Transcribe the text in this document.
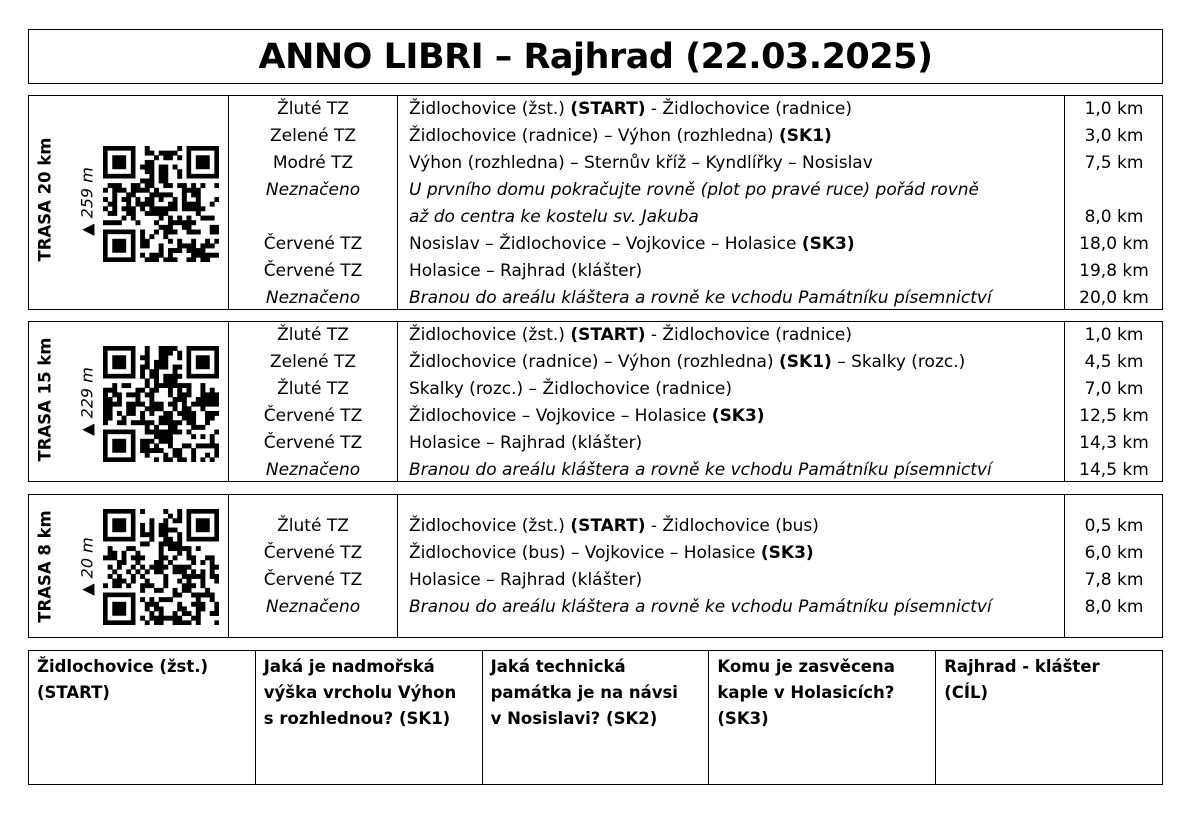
ANNO LIBRI – Rajhrad (22.03.2025)
TRASA 20 km ▲ 259 m
Žluté TZ	Židlochovice (žst.) (START) - Židlochovice (radnice)	1,0 km
Zelené TZ	Židlochovice (radnice) – Výhon (rozhledna) (SK1)	3,0 km
Modré TZ	Výhon (rozhledna) – Sternův kříž – Kyndlířky – Nosislav	7,5 km
Neznačeno	U prvního domu pokračujte rovně (plot po pravé ruce) pořád rovně
až do centra ke kostelu sv. Jakuba	8,0 km
Červené TZ	Nosislav – Židlochovice – Vojkovice – Holasice (SK3)	18,0 km
Červené TZ	Holasice – Rajhrad (klášter)	19,8 km
Neznačeno	Branou do areálu kláštera a rovně ke vchodu Památníku písemnictví	20,0 km
TRASA 15 km ▲ 229 m
Žluté TZ	Židlochovice (žst.) (START) - Židlochovice (radnice)	1,0 km
Zelené TZ	Židlochovice (radnice) – Výhon (rozhledna) (SK1) – Skalky (rozc.)	4,5 km
Žluté TZ	Skalky (rozc.) – Židlochovice (radnice)	7,0 km
Červené TZ	Židlochovice – Vojkovice – Holasice (SK3)	12,5 km
Červené TZ	Holasice – Rajhrad (klášter)	14,3 km
Neznačeno	Branou do areálu kláštera a rovně ke vchodu Památníku písemnictví	14,5 km
TRASA 8 km ▲ 20 m
Žluté TZ	Židlochovice (žst.) (START) - Židlochovice (bus)	0,5 km
Červené TZ	Židlochovice (bus) – Vojkovice – Holasice (SK3)	6,0 km
Červené TZ	Holasice – Rajhrad (klášter)	7,8 km
Neznačeno	Branou do areálu kláštera a rovně ke vchodu Památníku písemnictví	8,0 km
Židlochovice (žst.)
(START)
Jaká je nadmořská
výška vrcholu Výhon
s rozhlednou? (SK1)
Jaká technická
památka je na návsi
v Nosislavi? (SK2)
Komu je zasvěcena
kaple v Holasicích?
(SK3)
Rajhrad - klášter
(CÍL)
